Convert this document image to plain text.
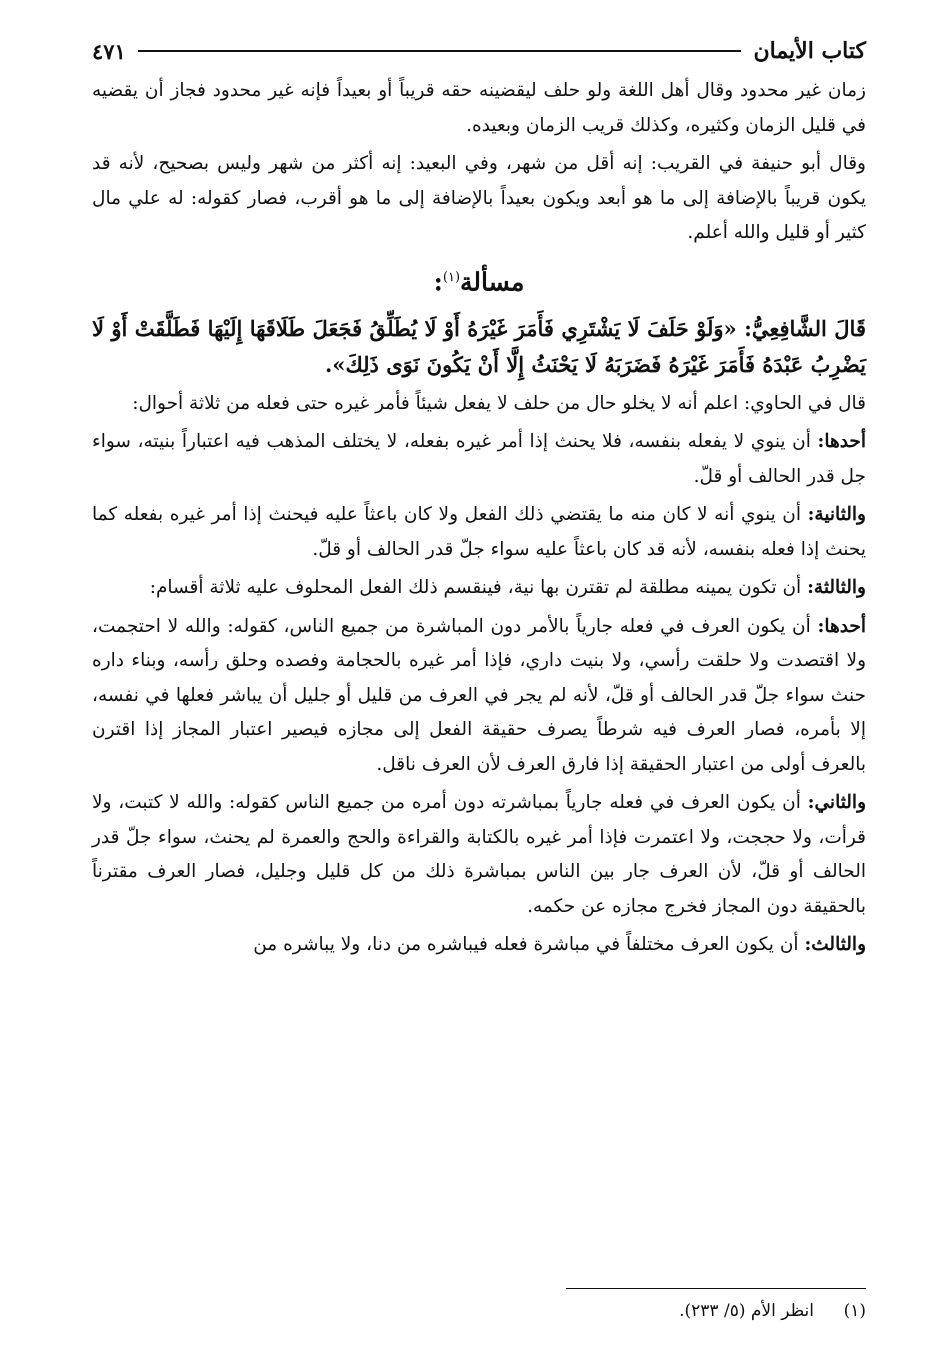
كتاب الأيمان
٤٧١

زمان غير محدود وقال أهل اللغة ولو حلف ليقضينه حقه قريباً أو بعيداً فإنه غير محدود فجاز أن يقضيه في قليل الزمان وكثيره، وكذلك قريب الزمان وبعيده.

وقال أبو حنيفة في القريب: إنه أقل من شهر، وفي البعيد: إنه أكثر من شهر وليس بصحيح، لأنه قد يكون قريباً بالإضافة إلى ما هو أبعد ويكون بعيداً بالإضافة إلى ما هو أقرب، فصار كقوله: له علي مال كثير أو قليل والله أعلم.

مسألة$^{(١)}$:

قَالَ الشَّافِعِيُّ: «وَلَوْ حَلَفَ لَا يَشْتَرِي فَأَمَرَ غَيْرَهُ أَوْ لَا يُطَلِّقُ فَجَعَلَ طَلَاقَهَا إِلَيْهَا فَطَلَّقَتْ أَوْ لَا يَضْرِبُ عَبْدَهُ فَأَمَرَ غَيْرَهُ فَضَرَبَهُ لَا يَحْنَثُ إِلَّا أَنْ يَكُونَ نَوَى ذَلِكَ».

قال في الحاوي: اعلم أنه لا يخلو حال من حلف لا يفعل شيئاً فأمر غيره حتى فعله من ثلاثة أحوال:

أحدها: أن ينوي لا يفعله بنفسه، فلا يحنث إذا أمر غيره بفعله، لا يختلف المذهب فيه اعتباراً بنيته، سواء جل قدر الحالف أو قلّ.

والثانية: أن ينوي أنه لا كان منه ما يقتضي ذلك الفعل ولا كان باعثاً عليه فيحنث إذا أمر غيره بفعله كما يحنث إذا فعله بنفسه، لأنه قد كان باعثاً عليه سواء جلّ قدر الحالف أو قلّ.

والثالثة: أن تكون يمينه مطلقة لم تقترن بها نية، فينقسم ذلك الفعل المحلوف عليه ثلاثة أقسام:

أحدها: أن يكون العرف في فعله جارياً بالأمر دون المباشرة من جميع الناس، كقوله: والله لا احتجمت، ولا اقتصدت ولا حلقت رأسي، ولا بنيت داري، فإذا أمر غيره بالحجامة وفصده وحلق رأسه، وبناء داره حنث سواء جلّ قدر الحالف أو قلّ، لأنه لم يجر في العرف من قليل أو جليل أن يباشر فعلها في نفسه، إلا بأمره، فصار العرف فيه شرطاً يصرف حقيقة الفعل إلى مجازه فيصير اعتبار المجاز إذا اقترن بالعرف أولى من اعتبار الحقيقة إذا فارق العرف لأن العرف ناقل.

والثاني: أن يكون العرف في فعله جارياً بمباشرته دون أمره من جميع الناس كقوله: والله لا كتبت، ولا قرأت، ولا حججت، ولا اعتمرت فإذا أمر غيره بالكتابة والقراءة والحج والعمرة لم يحنث، سواء جلّ قدر الحالف أو قلّ، لأن العرف جار بين الناس بمباشرة ذلك من كل قليل وجليل، فصار العرف مقترناً بالحقيقة دون المجاز فخرج مجازه عن حكمه.

والثالث: أن يكون العرف مختلفاً في مباشرة فعله فيباشره من دنا، ولا يباشره من

(١)
انظر الأم (٥/ ٢٣٣).
